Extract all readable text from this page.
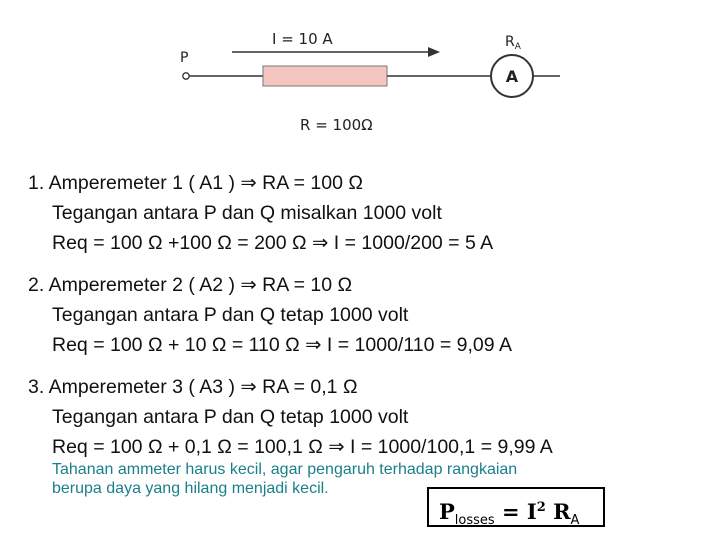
I = 10 A
P
A
$R_A$
R = 100Ω
1. Amperemeter 1 ( A1 ) ⇒ RA = 100 Ω
Tegangan antara P dan Q misalkan 1000 volt
Req = 100 Ω +100 Ω = 200 Ω ⇒ I = 1000/200 = 5 A
2. Amperemeter 2 ( A2 ) ⇒ RA = 10 Ω
Tegangan antara P dan Q tetap 1000 volt
Req = 100 Ω + 10 Ω = 110 Ω ⇒ I = 1000/110 = 9,09 A
3. Amperemeter 3 ( A3 ) ⇒ RA = 0,1 Ω
Tegangan antara P dan Q tetap 1000 volt
Req = 100 Ω + 0,1 Ω = 100,1 Ω ⇒ I = 1000/100,1 = 9,99 A
Tahanan ammeter harus kecil, agar pengaruh terhadap rangkaian
berupa daya yang hilang menjadi kecil.
$P_{losses} = I^2$ $R_A$
